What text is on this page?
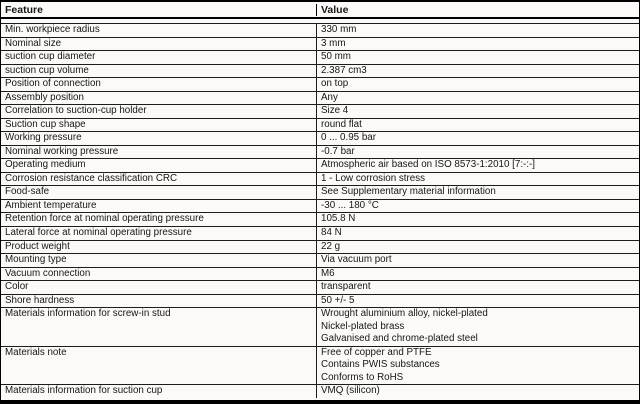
Feature	Value
Min. workpiece radius	330 mm
Nominal size	3 mm
suction cup diameter	50 mm
suction cup volume	2.387 cm3
Position of connection	on top
Assembly position	Any
Correlation to suction-cup holder	Size 4
Suction cup shape	round flat
Working pressure	0 ... 0.95 bar
Nominal working pressure	-0.7 bar
Operating medium	Atmospheric air based on ISO 8573-1:2010 [7:-:-]
Corrosion resistance classification CRC	1 - Low corrosion stress
Food-safe	See Supplementary material information
Ambient temperature	-30 ... 180 °C
Retention force at nominal operating pressure	105.8 N
Lateral force at nominal operating pressure	84 N
Product weight	22 g
Mounting type	Via vacuum port
Vacuum connection	M6
Color	transparent
Shore hardness	50 +/- 5
Materials information for screw-in stud	Wrought aluminium alloy, nickel-plated
Nickel-plated brass
Galvanised and chrome-plated steel
Materials note	Free of copper and PTFE
Contains PWIS substances
Conforms to RoHS
Materials information for suction cup	VMQ (silicon)
